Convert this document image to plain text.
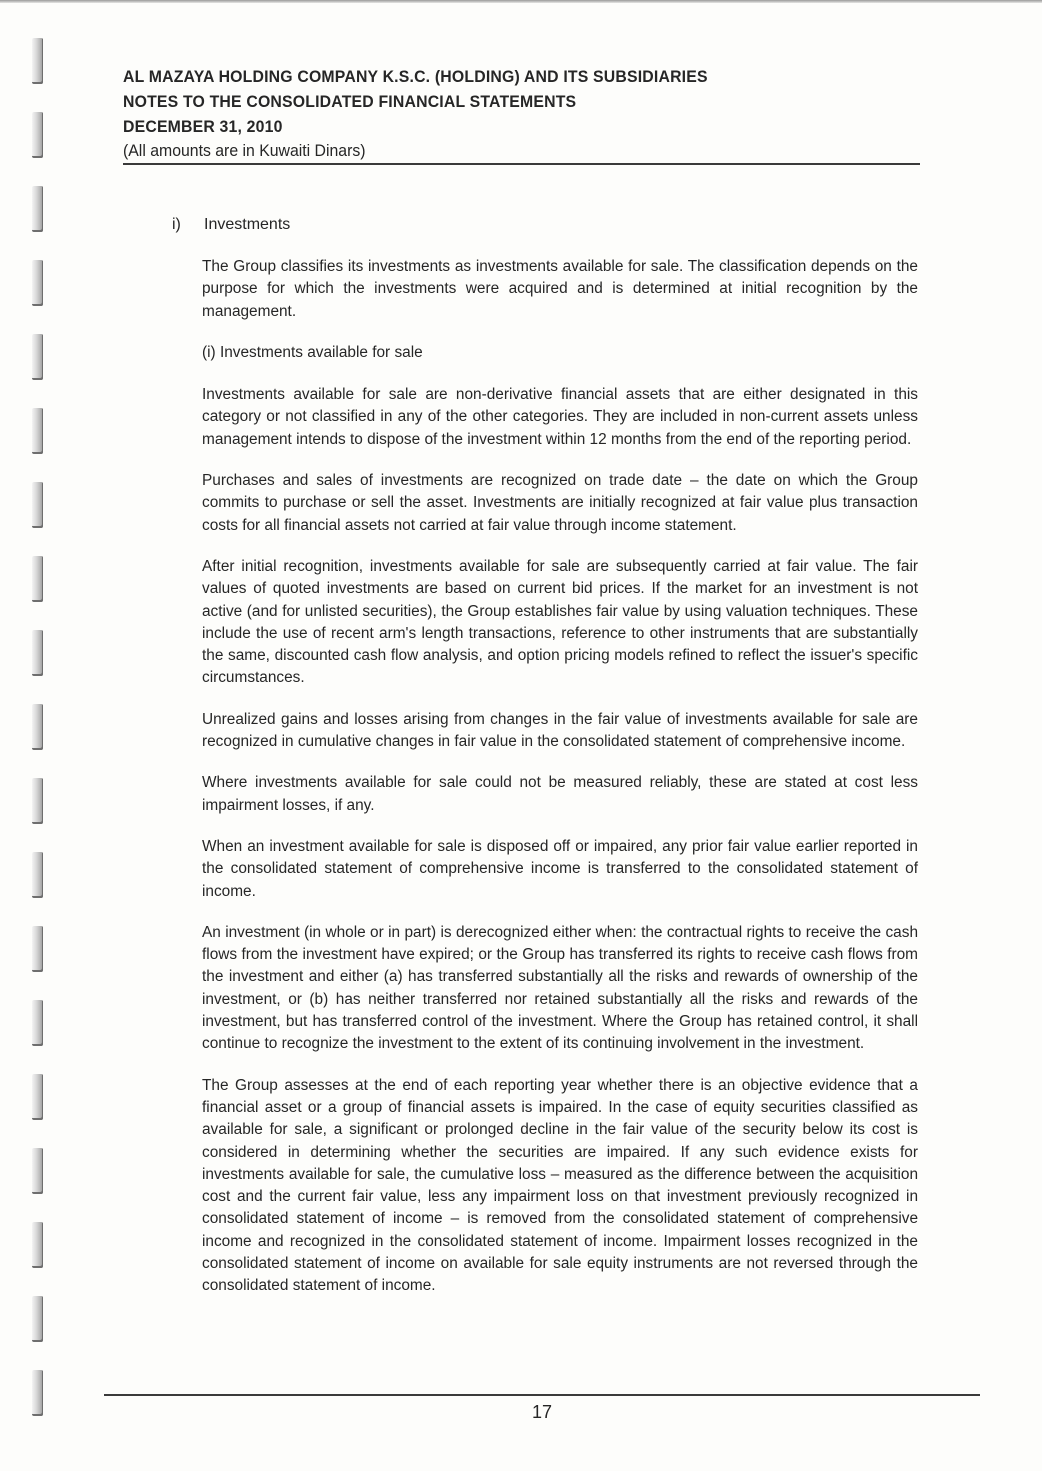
AL MAZAYA HOLDING COMPANY K.S.C. (HOLDING) AND ITS SUBSIDIARIES
NOTES TO THE CONSOLIDATED FINANCIAL STATEMENTS
DECEMBER 31, 2010
(All amounts are in Kuwaiti Dinars)
i) Investments

The Group classifies its investments as investments available for sale. The classification depends on the purpose for which the investments were acquired and is determined at initial recognition by the management.

(i) Investments available for sale

Investments available for sale are non-derivative financial assets that are either designated in this category or not classified in any of the other categories. They are included in non-current assets unless management intends to dispose of the investment within 12 months from the end of the reporting period.

Purchases and sales of investments are recognized on trade date – the date on which the Group commits to purchase or sell the asset. Investments are initially recognized at fair value plus transaction costs for all financial assets not carried at fair value through income statement.

After initial recognition, investments available for sale are subsequently carried at fair value. The fair values of quoted investments are based on current bid prices. If the market for an investment is not active (and for unlisted securities), the Group establishes fair value by using valuation techniques. These include the use of recent arm's length transactions, reference to other instruments that are substantially the same, discounted cash flow analysis, and option pricing models refined to reflect the issuer's specific circumstances.

Unrealized gains and losses arising from changes in the fair value of investments available for sale are recognized in cumulative changes in fair value in the consolidated statement of comprehensive income.

Where investments available for sale could not be measured reliably, these are stated at cost less impairment losses, if any.

When an investment available for sale is disposed off or impaired, any prior fair value earlier reported in the consolidated statement of comprehensive income is transferred to the consolidated statement of income.

An investment (in whole or in part) is derecognized either when: the contractual rights to receive the cash flows from the investment have expired; or the Group has transferred its rights to receive cash flows from the investment and either (a) has transferred substantially all the risks and rewards of ownership of the investment, or (b) has neither transferred nor retained substantially all the risks and rewards of the investment, but has transferred control of the investment. Where the Group has retained control, it shall continue to recognize the investment to the extent of its continuing involvement in the investment.

The Group assesses at the end of each reporting year whether there is an objective evidence that a financial asset or a group of financial assets is impaired. In the case of equity securities classified as available for sale, a significant or prolonged decline in the fair value of the security below its cost is considered in determining whether the securities are impaired. If any such evidence exists for investments available for sale, the cumulative loss – measured as the difference between the acquisition cost and the current fair value, less any impairment loss on that investment previously recognized in consolidated statement of income – is removed from the consolidated statement of comprehensive income and recognized in the consolidated statement of income. Impairment losses recognized in the consolidated statement of income on available for sale equity instruments are not reversed through the consolidated statement of income.

17
